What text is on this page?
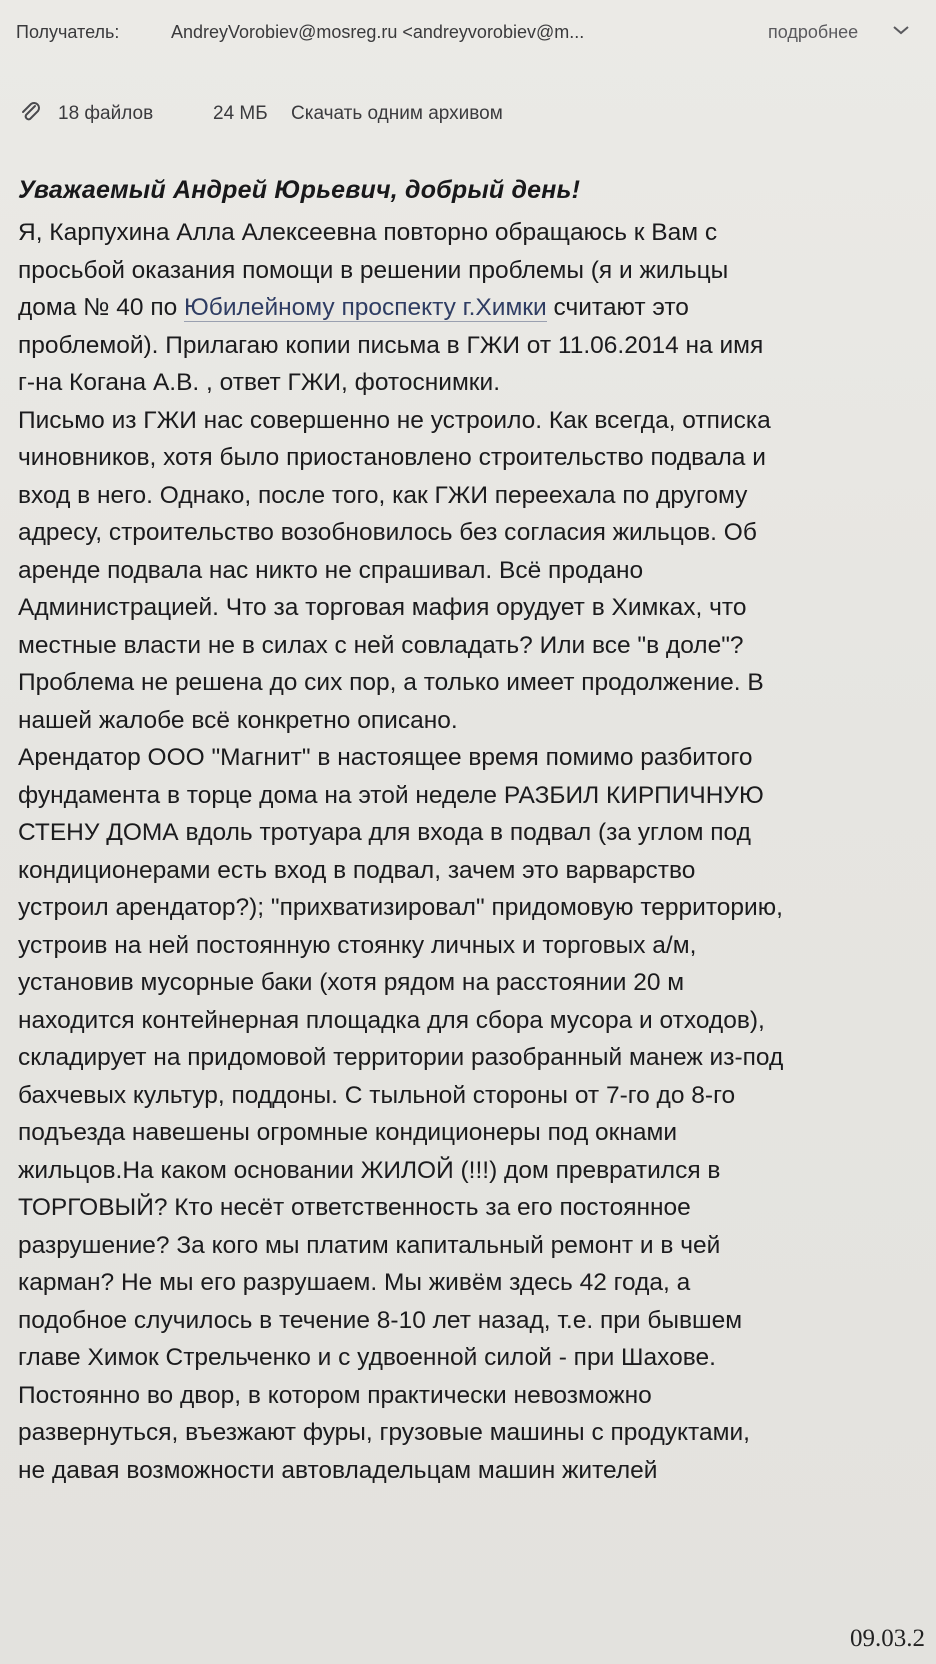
Получатель:	AndreyVorobiev@mosreg.ru <andreyvorobiev@m...	подробнее
18 файлов	24 МБ Скачать одним архивом
Уважаемый Андрей Юрьевич, добрый день!
Я, Карпухина Алла Алексеевна повторно обращаюсь к Вам с
просьбой оказания помощи в решении проблемы (я и жильцы
дома № 40 по Юбилейному проспекту г.Химки считают это
проблемой). Прилагаю копии письма в ГЖИ от 11.06.2014 на имя
г-на Когана А.В. , ответ ГЖИ, фотоснимки.
Письмо из ГЖИ нас совершенно не устроило. Как всегда, отписка
чиновников, хотя было приостановлено строительство подвала и
вход в него. Однако, после того, как ГЖИ переехала по другому
адресу, строительство возобновилось без согласия жильцов. Об
аренде подвала нас никто не спрашивал. Всё продано
Администрацией. Что за торговая мафия орудует в Химках, что
местные власти не в силах с ней совладать? Или все "в доле"?
Проблема не решена до сих пор, а только имеет продолжение. В
нашей жалобе всё конкретно описано.
Арендатор ООО "Магнит" в настоящее время помимо разбитого
фундамента в торце дома на этой неделе РАЗБИЛ КИРПИЧНУЮ
СТЕНУ ДОМА вдоль тротуара для входа в подвал (за углом под
кондиционерами есть вход в подвал, зачем это варварство
устроил арендатор?); "прихватизировал" придомовую территорию,
устроив на ней постоянную стоянку личных и торговых а/м,
установив мусорные баки (хотя рядом на расстоянии 20 м
находится контейнерная площадка для сбора мусора и отходов),
складирует на придомовой территории разобранный манеж из-под
бахчевых культур, поддоны. С тыльной стороны от 7-го до 8-го
подъезда навешены огромные кондиционеры под окнами
жильцов.На каком основании ЖИЛОЙ (!!!) дом превратился в
ТОРГОВЫЙ? Кто несёт ответственность за его постоянное
разрушение? За кого мы платим капитальный ремонт и в чей
карман? Не мы его разрушаем. Мы живём здесь 42 года, а
подобное случилось в течение 8-10 лет назад, т.е. при бывшем
главе Химок Стрельченко и с удвоенной силой - при Шахове.
Постоянно во двор, в котором практически невозможно
развернуться, въезжают фуры, грузовые машины с продуктами,
не давая возможности автовладельцам машин жителей
09.03.2
